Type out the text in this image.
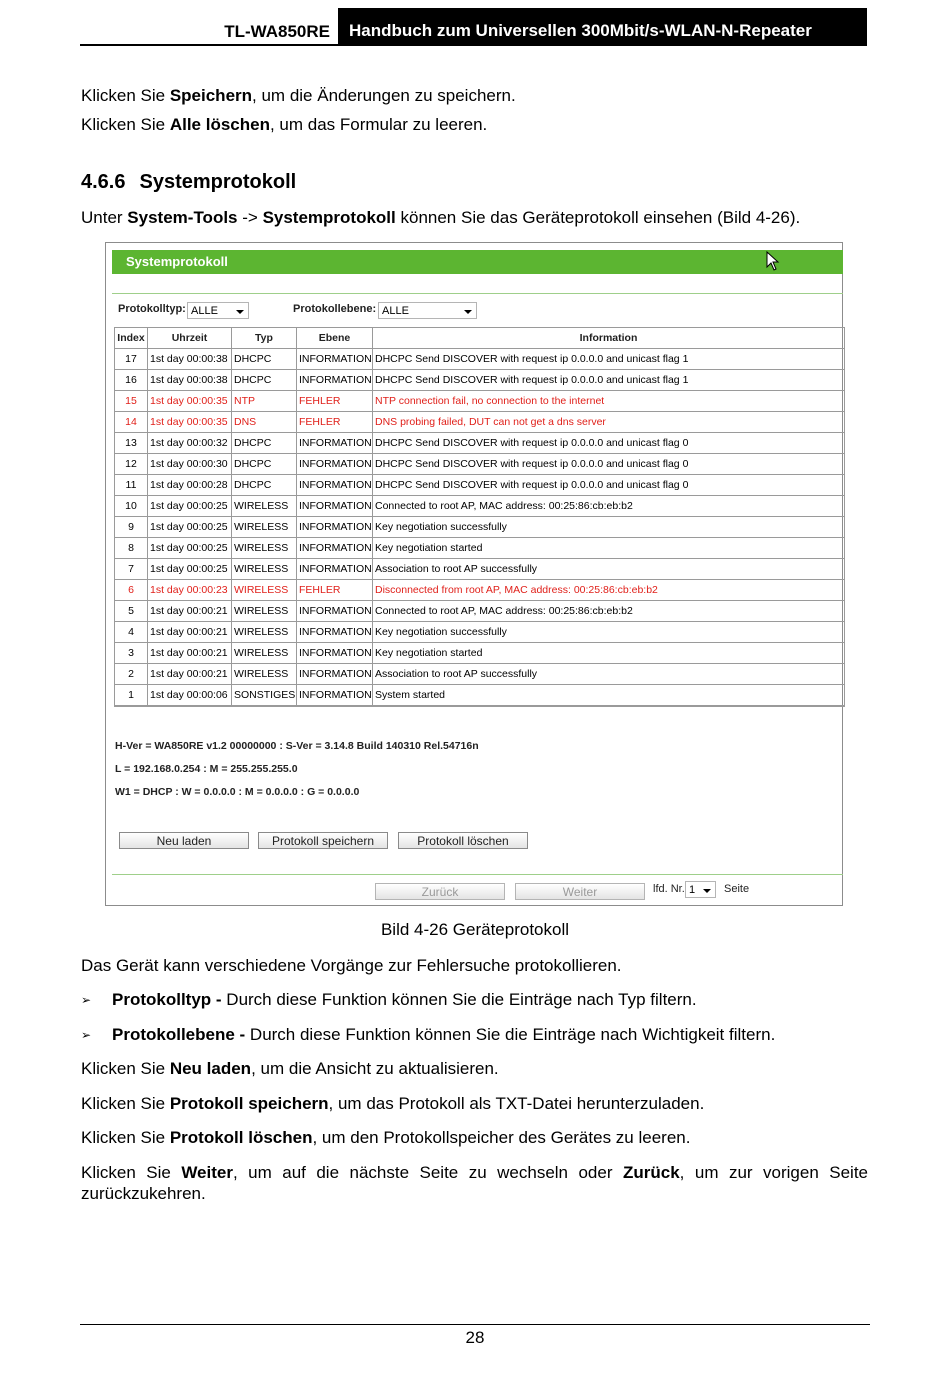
TL-WA850RE	Handbuch zum Universellen 300Mbit/s-WLAN-N-Repeater

Klicken Sie Speichern, um die Änderungen zu speichern.

Klicken Sie Alle löschen, um das Formular zu leeren.

4.6.6 Systemprotokoll

Unter System-Tools -> Systemprotokoll können Sie das Geräteprotokoll einsehen (Bild 4-26).

Systemprotokoll
Protokolltyp: ALLE	Protokollebene: ALLE
Index	Uhrzeit	Typ	Ebene	Information
17	1st day 00:00:38	DHCPC	INFORMATION	DHCPC Send DISCOVER with request ip 0.0.0.0 and unicast flag 1
16	1st day 00:00:38	DHCPC	INFORMATION	DHCPC Send DISCOVER with request ip 0.0.0.0 and unicast flag 1
15	1st day 00:00:35	NTP	FEHLER	NTP connection fail, no connection to the internet
14	1st day 00:00:35	DNS	FEHLER	DNS probing failed, DUT can not get a dns server
13	1st day 00:00:32	DHCPC	INFORMATION	DHCPC Send DISCOVER with request ip 0.0.0.0 and unicast flag 0
12	1st day 00:00:30	DHCPC	INFORMATION	DHCPC Send DISCOVER with request ip 0.0.0.0 and unicast flag 0
11	1st day 00:00:28	DHCPC	INFORMATION	DHCPC Send DISCOVER with request ip 0.0.0.0 and unicast flag 0
10	1st day 00:00:25	WIRELESS	INFORMATION	Connected to root AP, MAC address: 00:25:86:cb:eb:b2
9	1st day 00:00:25	WIRELESS	INFORMATION	Key negotiation successfully
8	1st day 00:00:25	WIRELESS	INFORMATION	Key negotiation started
7	1st day 00:00:25	WIRELESS	INFORMATION	Association to root AP successfully
6	1st day 00:00:23	WIRELESS	FEHLER	Disconnected from root AP, MAC address: 00:25:86:cb:eb:b2
5	1st day 00:00:21	WIRELESS	INFORMATION	Connected to root AP, MAC address: 00:25:86:cb:eb:b2
4	1st day 00:00:21	WIRELESS	INFORMATION	Key negotiation successfully
3	1st day 00:00:21	WIRELESS	INFORMATION	Key negotiation started
2	1st day 00:00:21	WIRELESS	INFORMATION	Association to root AP successfully
1	1st day 00:00:06	SONSTIGES	INFORMATION	System started
H-Ver = WA850RE v1.2 00000000 : S-Ver = 3.14.8 Build 140310 Rel.54716n
L = 192.168.0.254 : M = 255.255.255.0
W1 = DHCP : W = 0.0.0.0 : M = 0.0.0.0 : G = 0.0.0.0
Neu laden	Protokoll speichern	Protokoll löschen
Zurück	Weiter	lfd. Nr. 1	Seite
Bild 4-26 Geräteprotokoll

Das Gerät kann verschiedene Vorgänge zur Fehlersuche protokollieren.

➢ Protokolltyp - Durch diese Funktion können Sie die Einträge nach Typ filtern.

➢ Protokollebene - Durch diese Funktion können Sie die Einträge nach Wichtigkeit filtern.

Klicken Sie Neu laden, um die Ansicht zu aktualisieren.

Klicken Sie Protokoll speichern, um das Protokoll als TXT-Datei herunterzuladen.

Klicken Sie Protokoll löschen, um den Protokollspeicher des Gerätes zu leeren.

Klicken Sie Weiter, um auf die nächste Seite zu wechseln oder Zurück, um zur vorigen Seite zurückzukehren.

28
